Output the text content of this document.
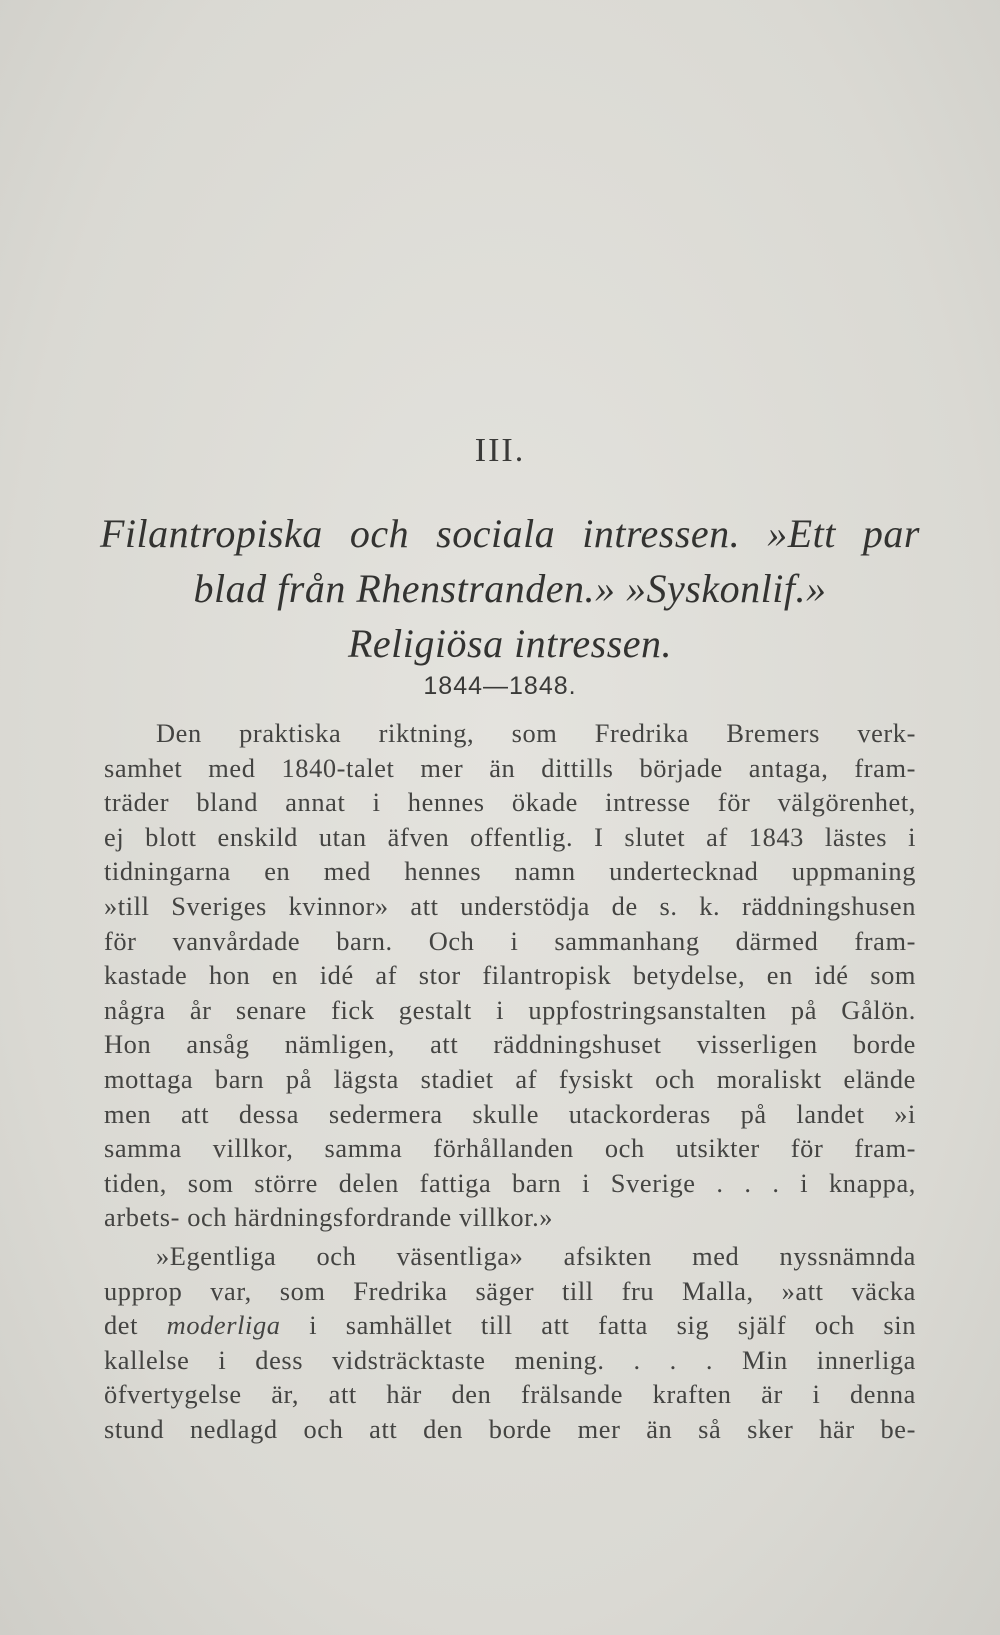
III.
Filantropiska och sociala intressen. »Ett par
blad från Rhenstranden.» »Syskonlif.»
Religiösa intressen.
1844—1848.
Den praktiska riktning, som Fredrika Bremers verk-
samhet med 1840-talet mer än dittills började antaga, fram-
träder bland annat i hennes ökade intresse för välgörenhet,
ej blott enskild utan äfven offentlig. I slutet af 1843 lästes i
tidningarna en med hennes namn undertecknad uppmaning
»till Sveriges kvinnor» att understödja de s. k. räddningshusen
för vanvårdade barn. Och i sammanhang därmed fram-
kastade hon en idé af stor filantropisk betydelse, en idé som
några år senare fick gestalt i uppfostringsanstalten på Gålön.
Hon ansåg nämligen, att räddningshuset visserligen borde
mottaga barn på lägsta stadiet af fysiskt och moraliskt elände
men att dessa sedermera skulle utackorderas på landet »i
samma villkor, samma förhållanden och utsikter för fram-
tiden, som större delen fattiga barn i Sverige . . . i knappa,
arbets- och härdningsfordrande villkor.»
»Egentliga och väsentliga» afsikten med nyssnämnda
upprop var, som Fredrika säger till fru Malla, »att väcka
det moderliga i samhället till att fatta sig själf och sin
kallelse i dess vidsträcktaste mening. . . . Min innerliga
öfvertygelse är, att här den frälsande kraften är i denna
stund nedlagd och att den borde mer än så sker här be-
